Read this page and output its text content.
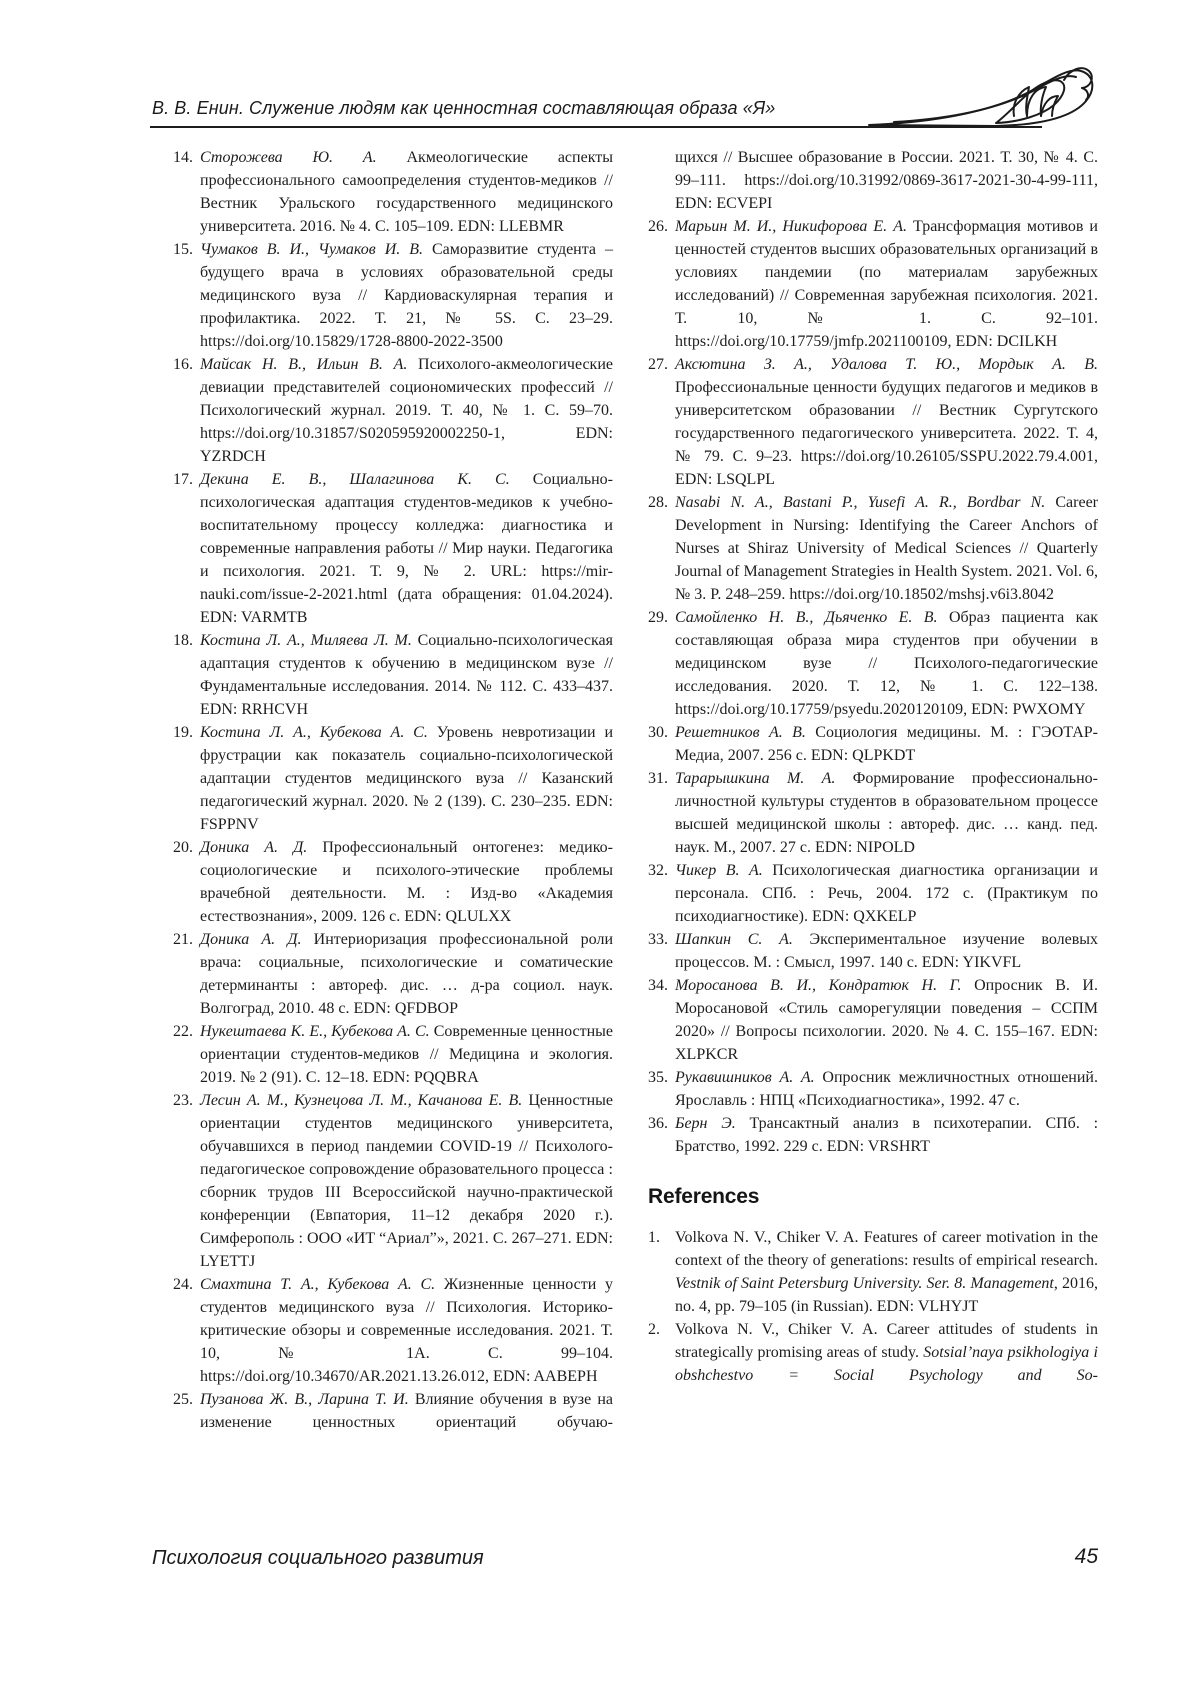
В. В. Енин. Служение людям как ценностная составляющая образа «Я»
14. Сторожева Ю. А. Акмеологические аспекты профессионального самоопределения студентов-медиков // Вестник Уральского государственного медицинского университета. 2016. № 4. С. 105–109. EDN: LLEBMR
15. Чумаков В. И., Чумаков И. В. Саморазвитие студента – будущего врача в условиях образовательной среды медицинского вуза // Кардиоваскулярная терапия и профилактика. 2022. Т. 21, № 5S. С. 23–29. https://doi.org/10.15829/1728-8800-2022-3500
16. Майсак Н. В., Ильин В. А. Психолого-акмеологические девиации представителей социономических профессий // Психологический журнал. 2019. Т. 40, № 1. С. 59–70. https://doi.org/10.31857/S020595920002250-1, EDN: YZRDCH
17. Декина Е. В., Шалагинова К. С. Социально-психологическая адаптация студентов-медиков к учебно-воспитательному процессу колледжа: диагностика и современные направления работы // Мир науки. Педагогика и психология. 2021. Т. 9, № 2. URL: https://mir-nauki.com/issue-2-2021.html (дата обращения: 01.04.2024). EDN: VARMTB
18. Костина Л. А., Миляева Л. М. Социально-психологическая адаптация студентов к обучению в медицинском вузе // Фундаментальные исследования. 2014. № 112. С. 433–437. EDN: RRHCVH
19. Костина Л. А., Кубекова А. С. Уровень невротизации и фрустрации как показатель социально-психологической адаптации студентов медицинского вуза // Казанский педагогический журнал. 2020. № 2 (139). С. 230–235. EDN: FSPPNV
20. Доника А. Д. Профессиональный онтогенез: медико-социологические и психолого-этические проблемы врачебной деятельности. М. : Изд-во «Академия естествознания», 2009. 126 с. EDN: QLULXX
21. Доника А. Д. Интериоризация профессиональной роли врача: социальные, психологические и соматические детерминанты : автореф. дис. … д-ра социол. наук. Волгоград, 2010. 48 с. EDN: QFDBOP
22. Нукештаева К. Е., Кубекова А. С. Современные ценностные ориентации студентов-медиков // Медицина и экология. 2019. № 2 (91). С. 12–18. EDN: PQQBRA
23. Лесин А. М., Кузнецова Л. М., Качанова Е. В. Ценностные ориентации студентов медицинского университета, обучавшихся в период пандемии COVID-19 // Психолого-педагогическое сопровождение образовательного процесса : сборник трудов III Всероссийской научно-практической конференции (Евпатория, 11–12 декабря 2020 г.). Симферополь : ООО «ИТ “Ариал”», 2021. С. 267–271. EDN: LYETTJ
24. Смахтина Т. А., Кубекова А. С. Жизненные ценности у студентов медицинского вуза // Психология. Историко-критические обзоры и современные исследования. 2021. Т. 10, № 1А. С. 99–104. https://doi.org/10.34670/AR.2021.13.26.012, EDN: AABEPH
25. Пузанова Ж. В., Ларина Т. И. Влияние обучения в вузе на изменение ценностных ориентаций обучаю-
щихся // Высшее образование в России. 2021. Т. 30, № 4. С. 99–111. https://doi.org/10.31992/0869-3617-2021-30-4-99-111, EDN: ECVEPI
26. Марьин М. И., Никифорова Е. А. Трансформация мотивов и ценностей студентов высших образовательных организаций в условиях пандемии (по материалам зарубежных исследований) // Современная зарубежная психология. 2021. Т. 10, № 1. С. 92–101. https://doi.org/10.17759/jmfp.2021100109, EDN: DCILKH
27. Аксютина З. А., Удалова Т. Ю., Мордык А. В. Профессиональные ценности будущих педагогов и медиков в университетском образовании // Вестник Сургутского государственного педагогического университета. 2022. Т. 4, № 79. С. 9–23. https://doi.org/10.26105/SSPU.2022.79.4.001, EDN: LSQLPL
28. Nasabi N. A., Bastani P., Yusefi A. R., Bordbar N. Career Development in Nursing: Identifying the Career Anchors of Nurses at Shiraz University of Medical Sciences // Quarterly Journal of Management Strategies in Health System. 2021. Vol. 6, № 3. P. 248–259. https://doi.org/10.18502/mshsj.v6i3.8042
29. Самойленко Н. В., Дьяченко Е. В. Образ пациента как составляющая образа мира студентов при обучении в медицинском вузе // Психолого-педагогические исследования. 2020. Т. 12, № 1. С. 122–138. https://doi.org/10.17759/psyedu.2020120109, EDN: PWXOMY
30. Решетников А. В. Социология медицины. М. : ГЭОТАР-Медиа, 2007. 256 с. EDN: QLPKDT
31. Тарарышкина М. А. Формирование профессионально-личностной культуры студентов в образовательном процессе высшей медицинской школы : автореф. дис. … канд. пед. наук. М., 2007. 27 с. EDN: NIPOLD
32. Чикер В. А. Психологическая диагностика организации и персонала. СПб. : Речь, 2004. 172 с. (Практикум по психодиагностике). EDN: QXKELP
33. Шапкин С. А. Экспериментальное изучение волевых процессов. М. : Смысл, 1997. 140 с. EDN: YIKVFL
34. Моросанова В. И., Кондратюк Н. Г. Опросник В. И. Моросановой «Стиль саморегуляции поведения – ССПМ 2020» // Вопросы психологии. 2020. № 4. С. 155–167. EDN: XLPKCR
35. Рукавишников А. А. Опросник межличностных отношений. Ярославль : НПЦ «Психодиагностика», 1992. 47 с.
36. Берн Э. Трансактный анализ в психотерапии. СПб. : Братство, 1992. 229 с. EDN: VRSHRT
References
1. Volkova N. V., Chiker V. A. Features of career motivation in the context of the theory of generations: results of empirical research. Vestnik of Saint Petersburg University. Ser. 8. Management, 2016, no. 4, pp. 79–105 (in Russian). EDN: VLHYJT
2. Volkova N. V., Chiker V. A. Career attitudes of students in strategically promising areas of study. Sotsial’naya psikhologiya i obshchestvo = Social Psychology and So-
Психология социального развития	45
